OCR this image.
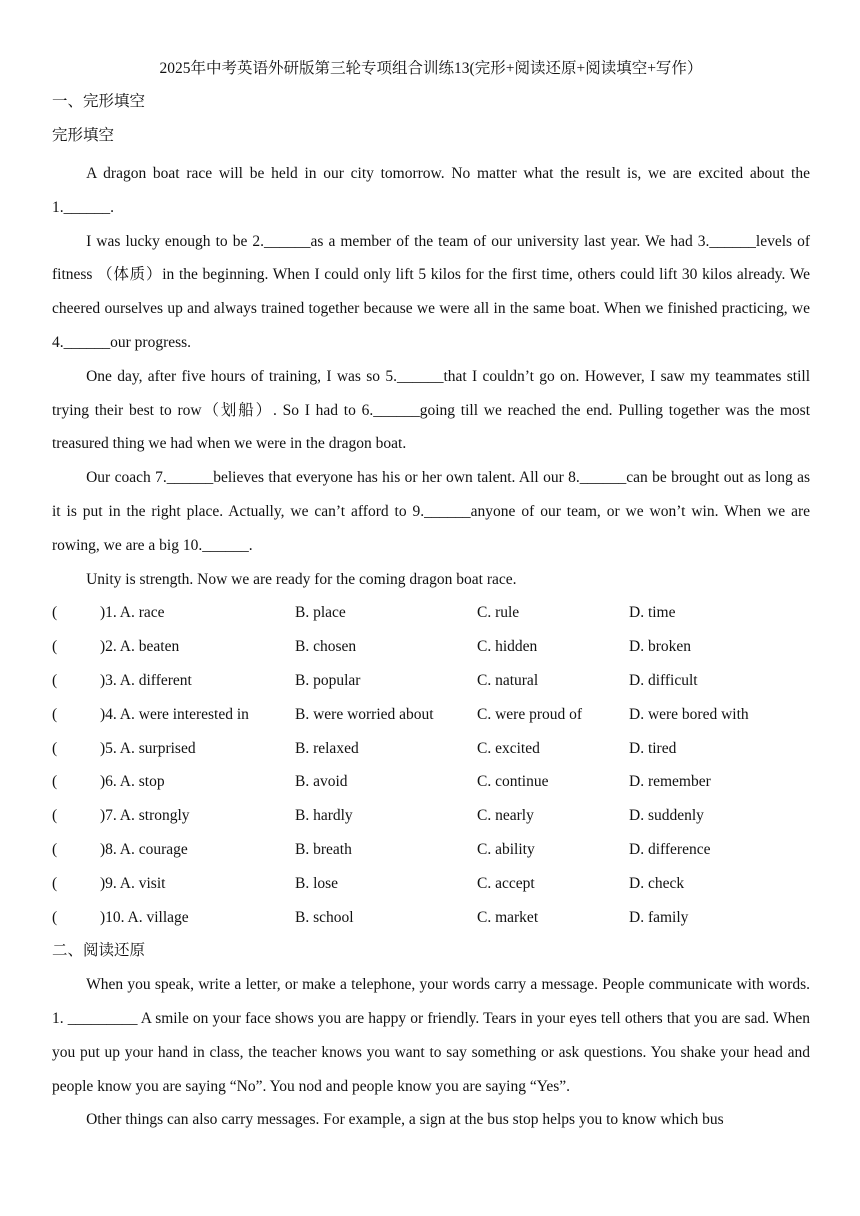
2025年中考英语外研版第三轮专项组合训练13(完形+阅读还原+阅读填空+写作）
一、完形填空
完形填空

A dragon boat race will be held in our city tomorrow. No matter what the result is, we are excited about the 1.______.

I was lucky enough to be 2.______as a member of the team of our university last year. We had 3.______levels of fitness （体质）in the beginning. When I could only lift 5 kilos for the first time, others could lift 30 kilos already. We cheered ourselves up and always trained together because we were all in the same boat. When we finished practicing, we 4.______our progress.

One day, after five hours of training, I was so 5.______that I couldn’t go on. However, I saw my teammates still trying their best to row（划船）. So I had to 6.______going till we reached the end. Pulling together was the most treasured thing we had when we were in the dragon boat.

Our coach 7.______believes that everyone has his or her own talent. All our 8.______can be brought out as long as it is put in the right place. Actually, we can’t afford to 9.______anyone of our team, or we won’t win. When we are rowing, we are a big 10.______.

Unity is strength. Now we are ready for the coming dragon boat race.

(	)1. A. race	B. place	C. rule	D. time
(	)2. A. beaten	B. chosen	C. hidden	D. broken
(	)3. A. different	B. popular	C. natural	D. difficult
(	)4. A. were interested in	B. were worried about	C. were proud of	D. were bored with
(	)5. A. surprised	B. relaxed	C. excited	D. tired
(	)6. A. stop	B. avoid	C. continue	D. remember
(	)7. A. strongly	B. hardly	C. nearly	D. suddenly
(	)8. A. courage	B. breath	C. ability	D. difference
(	)9. A. visit	B. lose	C. accept	D. check
(	)10. A. village	B. school	C. market	D. family
二、阅读还原

When you speak, write a letter, or make a telephone, your words carry a message. People communicate with words. 1. _________ A smile on your face shows you are happy or friendly. Tears in your eyes tell others that you are sad. When you put up your hand in class, the teacher knows you want to say something or ask questions. You shake your head and people know you are saying “No”. You nod and people know you are saying “Yes”.

Other things can also carry messages. For example, a sign at the bus stop helps you to know which bus
